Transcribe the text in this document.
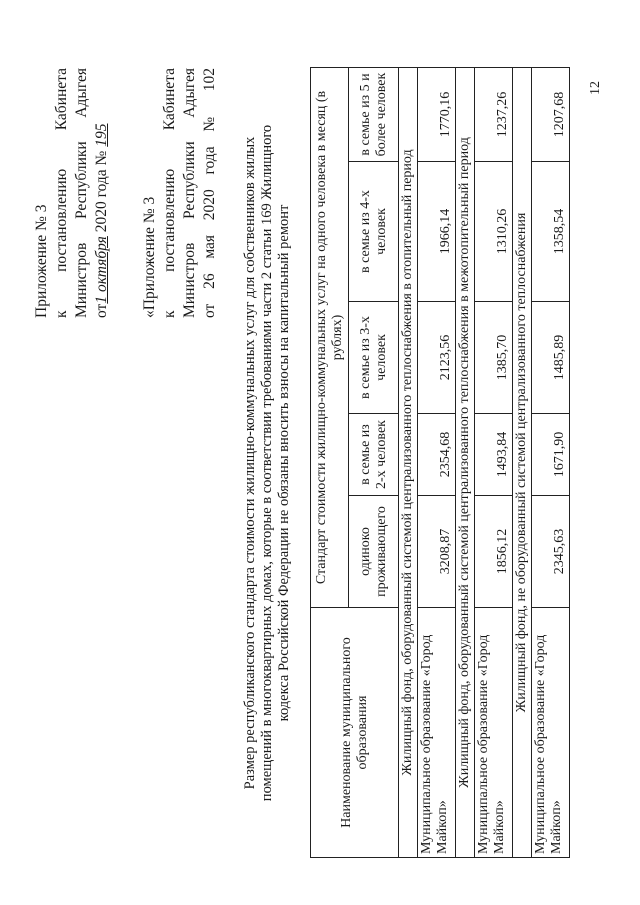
12

Приложение № 3 к постановлению Кабинета Министров Республики Адыгея от1 октября 2020 года № 195

«Приложение № 3 к постановлению Кабинета Министров Республики Адыгея от 26 мая 2020 года № 102 Размер республиканского стандарта стоимости жилищно-коммунальных услуг для собственников жилых помещений в многоквартирных домах, которые в соответствии требованиями части 2 статьи 169 Жилищного кодекса Российской Федерации не обязаны вносить взносы на капитальный ремонт

Наименование муниципального образования	Стандарт стоимости жилищно-коммунальных услуг на одного человека в месяц (в рублях)				
	одиноко проживающего	в семье из 2-х человек	в семье из 3-х человек	в семье из 4-х человек	в семье из 5 и более человек
Жилищный фонд, оборудованный системой централизованного теплоснабжения в отопительный период					
Муниципальное образование «Город Майкоп»	3208,87	2354,68	2123,56	1966,14	1770,16
Жилищный фонд, оборудованный системой централизованного теплоснабжения в межотопительный период					
Муниципальное образование «Город Майкоп»	1856,12	1493,84	1385,70	1310,26	1237,26
Жилищный фонд, не оборудованный системой централизованного теплоснабжения					
Муниципальное образование «Город Майкоп»	2345,63	1671,90	1485,89	1358,54	1207,68
